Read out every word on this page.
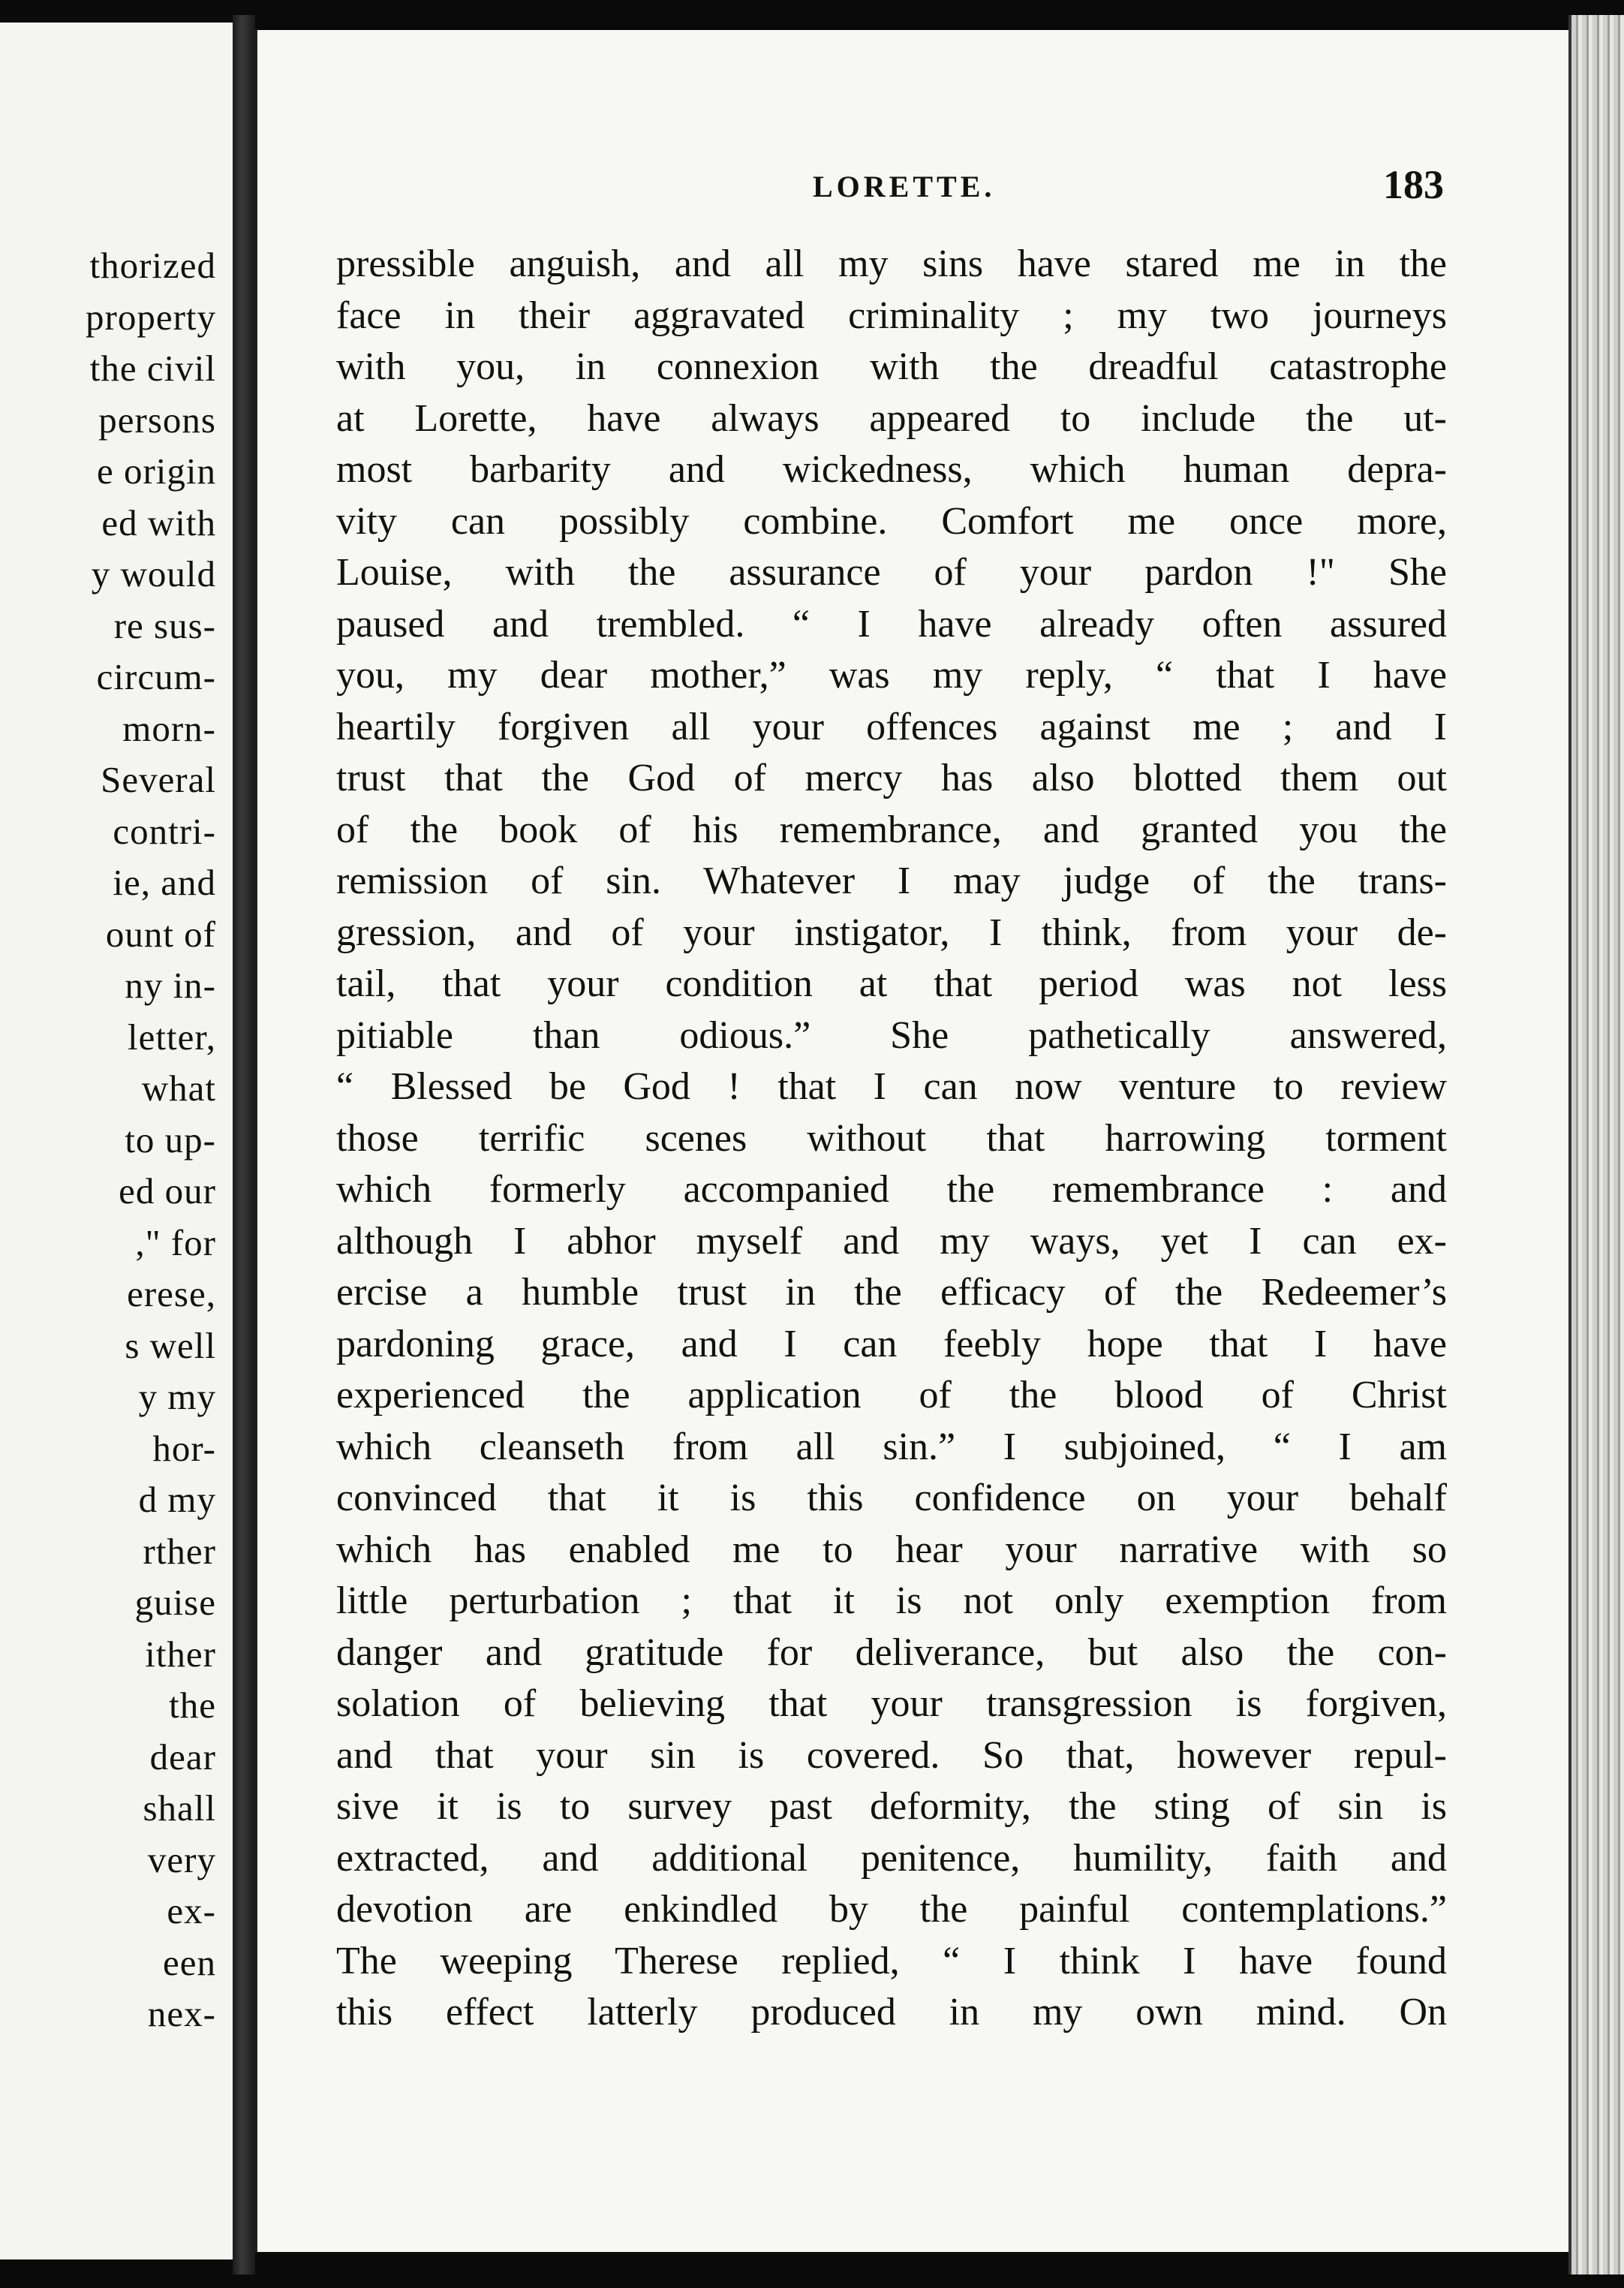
thorized
property
the civil
persons
e origin
ed with
y would
re sus-
circum-
morn-
Several
contri-
ie, and
ount of
ny in-
letter,
what
to up-
ed our
," for
erese,
s well
y my
hor-
d my
rther
guise
ither
the
dear
shall
very
ex-
een
nex-
LORETTE.	183
pressible anguish, and all my sins have stared me in the
face in their aggravated criminality ; my two journeys
with you, in connexion with the dreadful catastrophe
at Lorette, have always appeared to include the ut-
most barbarity and wickedness, which human depra-
vity can possibly combine. Comfort me once more,
Louise, with the assurance of your pardon !" She
paused and trembled. “ I have already often assured
you, my dear mother,” was my reply, “ that I have
heartily forgiven all your offences against me ; and I
trust that the God of mercy has also blotted them out
of the book of his remembrance, and granted you the
remission of sin. Whatever I may judge of the trans-
gression, and of your instigator, I think, from your de-
tail, that your condition at that period was not less
pitiable than odious.” She pathetically answered,
“ Blessed be God ! that I can now venture to review
those terrific scenes without that harrowing torment
which formerly accompanied the remembrance : and
although I abhor myself and my ways, yet I can ex-
ercise a humble trust in the efficacy of the Redeemer’s
pardoning grace, and I can feebly hope that I have
experienced the application of the blood of Christ
which cleanseth from all sin.” I subjoined, “ I am
convinced that it is this confidence on your behalf
which has enabled me to hear your narrative with so
little perturbation ; that it is not only exemption from
danger and gratitude for deliverance, but also the con-
solation of believing that your transgression is forgiven,
and that your sin is covered. So that, however repul-
sive it is to survey past deformity, the sting of sin is
extracted, and additional penitence, humility, faith and
devotion are enkindled by the painful contemplations.”
The weeping Therese replied, “ I think I have found
this effect latterly produced in my own mind. On
